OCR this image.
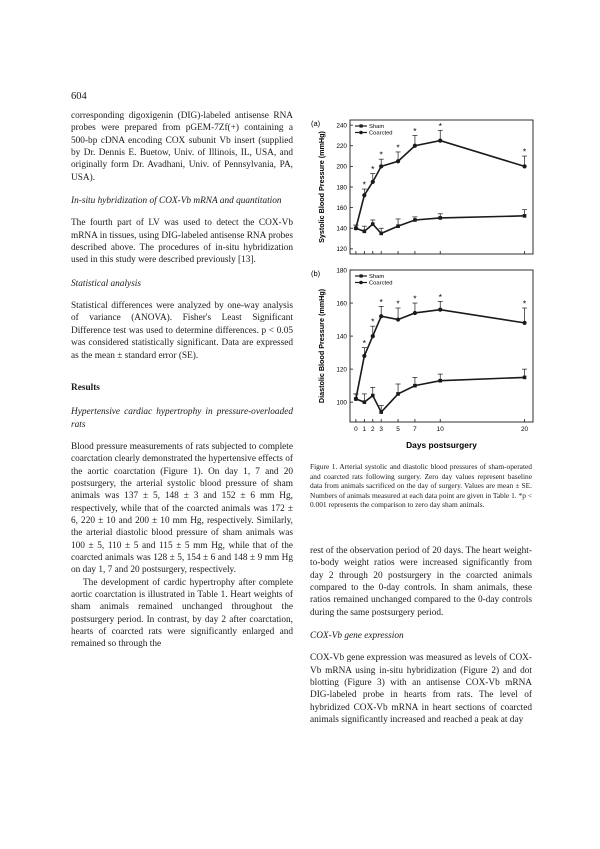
604

corresponding digoxigenin (DIG)-labeled antisense RNA probes were prepared from pGEM-7Zf(+) containing a 500-bp cDNA encoding COX subunit Vb insert (supplied by Dr. Dennis E. Buetow, Univ. of Illinois, IL, USA, and originally form Dr. Avadhani, Univ. of Pennsylvania, PA, USA).

In-situ hybridization of COX-Vb mRNA and quantitation

The fourth part of LV was used to detect the COX-Vb mRNA in tissues, using DIG-labeled antisense RNA probes described above. The procedures of in-situ hybridization used in this study were described previously [13].

Statistical analysis

Statistical differences were analyzed by one-way analysis of variance (ANOVA). Fisher's Least Significant Difference test was used to determine differences. p < 0.05 was considered statistically significant. Data are expressed as the mean ± standard error (SE).

Results

Hypertensive cardiac hypertrophy in pressure-overloaded rats

Blood pressure measurements of rats subjected to complete coarctation clearly demonstrated the hypertensive effects of the aortic coarctation (Figure 1). On day 1, 7 and 20 postsurgery, the arterial systolic blood pressure of sham animals was 137 ± 5, 148 ± 3 and 152 ± 6 mm Hg, respectively, while that of the coarcted animals was 172 ± 6, 220 ± 10 and 200 ± 10 mm Hg, respectively. Similarly, the arterial diastolic blood pressure of sham animals was 100 ± 5, 110 ± 5 and 115 ± 5 mm Hg, while that of the coarcted animals was 128 ± 5, 154 ± 6 and 148 ± 9 mm Hg on day 1, 7 and 20 postsurgery, respectively.

The development of cardic hypertrophy after complete aortic coarctation is illustrated in Table 1. Heart weights of sham animals remained unchanged throughout the postsurgery period. In contrast, by day 2 after coarctation, hearts of coarcted rats were significantly enlarged and remained so through the

(a)
Systolic Blood Pressure (mmHg)
120
140
160
180
200
220
240
*
*
*
*
*
*
*
Sham
Coarcted
(b)
Diastolic Blood Pressure (mmHg) 100
120
140
160
180
0 1 2 3 5 7	10	20
*
*
* * *	*
*
Sham
Coarcted
Days postsurgery
Figure 1. Arterial systolic and diastolic blood pressures of sham-operated and coarcted rats following surgery. Zero day values represent baseline data from animals sacrificed on the day of surgery. Values are mean ± SE. Numbers of animals measured at each data point are given in Table 1. *p < 0.001 represents the comparison to zero day sham animals.

rest of the observation period of 20 days. The heart weight-to-body weight ratios were increased significantly from day 2 through 20 postsurgery in the coarcted animals compared to the 0-day controls. In sham animals, these ratios remained unchanged compared to the 0-day controls during the same postsurgery period.

COX-Vb gene expression

COX-Vb gene expression was measured as levels of COX-Vb mRNA using in-situ hybridization (Figure 2) and dot blotting (Figure 3) with an antisense COX-Vb mRNA DIG-labeled probe in hearts from rats. The level of hybridized COX-Vb mRNA in heart sections of coarcted animals significantly increased and reached a peak at day
